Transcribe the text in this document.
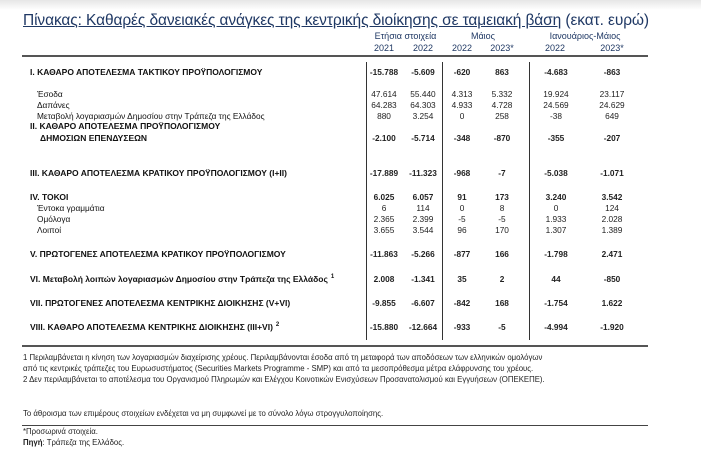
Πίνακας: Καθαρές δανειακές ανάγκες της κεντρικής διοίκησης σε ταμειακή βάση (εκατ. ευρώ)
Ετήσια στοιχεία	Μάιος	Ιανουάριος-Μάιος
2021	2022	2022	2023*	2022	2023*
I. ΚΑΘΑΡΟ ΑΠΟΤΕΛΕΣΜΑ ΤΑΚΤΙΚΟΥ ΠΡΟΫΠΟΛΟΓΙΣΜΟΥ	-15.788	-5.609	-620	863	-4.683	-863
Έσοδα	47.614	55.440	4.313	5.332	19.924	23.117
Δαπάνες	64.283	64.303	4.933	4.728	24.569	24.629
Μεταβολή λογαριασμών Δημοσίου στην Τράπεζα της Ελλάδος	880	3.254	0	258	-38	649
II. ΚΑΘΑΡΟ ΑΠΟΤΕΛΕΣΜΑ ΠΡΟΫΠΟΛΟΓΙΣΜΟΥ
ΔΗΜΟΣΙΩΝ ΕΠΕΝΔΥΣΕΩΝ	-2.100	-5.714	-348	-870	-355	-207
III. ΚΑΘΑΡΟ ΑΠΟΤΕΛΕΣΜΑ ΚΡΑΤΙΚΟΥ ΠΡΟΫΠΟΛΟΓΙΣΜΟΥ (I+II)	-17.889	-11.323	-968	-7	-5.038	-1.071
IV. ΤΟΚΟΙ	6.025	6.057	91	173	3.240	3.542
Έντοκα γραμμάτια	6	114	0	8	0	124
Ομόλογα	2.365	2.399	-5	-5	1.933	2.028
Λοιποί	3.655	3.544	96	170	1.307	1.389
V. ΠΡΩΤΟΓΕΝΕΣ ΑΠΟΤΕΛΕΣΜΑ ΚΡΑΤΙΚΟΥ ΠΡΟΫΠΟΛΟΓΙΣΜΟΥ	-11.863	-5.266	-877	166	-1.798	2.471
VI. Μεταβολή λοιπών λογαριασμών Δημοσίου στην Τράπεζα της Ελλάδος $^1$	2.008	-1.341	35	2	44	-850
VII. ΠΡΩΤΟΓΕΝΕΣ ΑΠΟΤΕΛΕΣΜΑ ΚΕΝΤΡΙΚΗΣ ΔΙΟΙΚΗΣΗΣ (V+VI)	-9.855	-6.607	-842	168	-1.754	1.622
VIII. ΚΑΘΑΡΟ ΑΠΟΤΕΛΕΣΜΑ ΚΕΝΤΡΙΚΗΣ ΔΙΟΙΚΗΣΗΣ (III+VI) $^2$	-15.880	-12.664	-933	-5	-4.994	-1.920
1 Περιλαμβάνεται η κίνηση των λογαριασμών διαχείρισης χρέους. Περιλαμβάνονται έσοδα από τη μεταφορά των αποδόσεων των ελληνικών ομολόγων
από τις κεντρικές τράπεζες του Ευρωσυστήματος (Securities Markets Programme - SMP) και από τα μεσοπρόθεσμα μέτρα ελάφρυνσης του χρέους.
2 Δεν περιλαμβάνεται το αποτέλεσμα του Οργανισμού Πληρωμών και Ελέγχου Κοινοτικών Ενισχύσεων Προσανατολισμού και Εγγυήσεων (ΟΠΕΚΕΠΕ).
Το άθροισμα των επιμέρους στοιχείων ενδέχεται να μη συμφωνεί με το σύνολο λόγω στρογγυλοποίησης.
*Προσωρινά στοιχεία.
Πηγή: Τράπεζα της Ελλάδος.
